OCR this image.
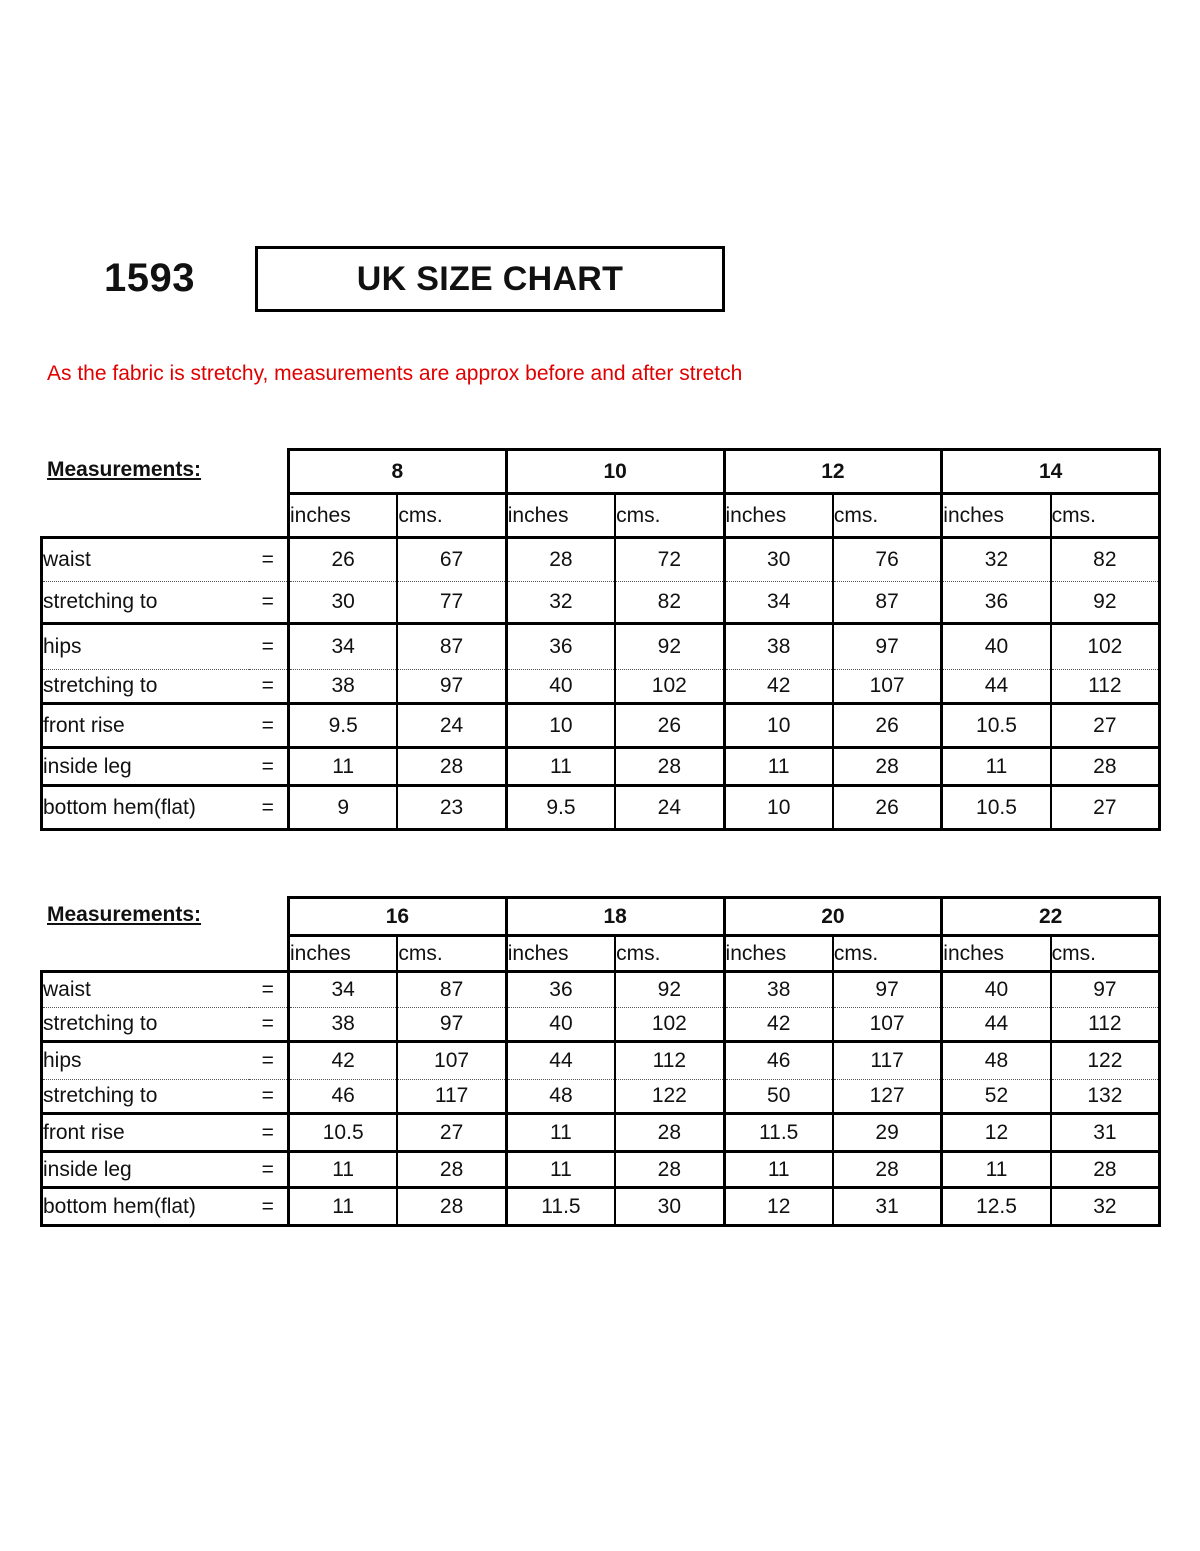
1593	UK SIZE CHART
As the fabric is stretchy, measurements are approx before and after stretch
Measurements:
		8		10		12		14	
		inches	cms.	inches	cms.	inches	cms.	inches	cms.
waist	=	26	67	28	72	30	76	32	82
stretching to	=	30	77	32	82	34	87	36	92
hips	=	34	87	36	92	38	97	40	102
stretching to	=	38	97	40	102	42	107	44	112
front rise	=	9.5	24	10	26	10	26	10.5	27
inside leg	=	11	28	11	28	11	28	11	28
bottom hem(flat)	=	9	23	9.5	24	10	26	10.5	27
Measurements:
		16		18		20		22	
		inches	cms.	inches	cms.	inches	cms.	inches	cms.
waist	=	34	87	36	92	38	97	40	97
stretching to	=	38	97	40	102	42	107	44	112
hips	=	42	107	44	112	46	117	48	122
stretching to	=	46	117	48	122	50	127	52	132
front rise	=	10.5	27	11	28	11.5	29	12	31
inside leg	=	11	28	11	28	11	28	11	28
bottom hem(flat)	=	11	28	11.5	30	12	31	12.5	32
